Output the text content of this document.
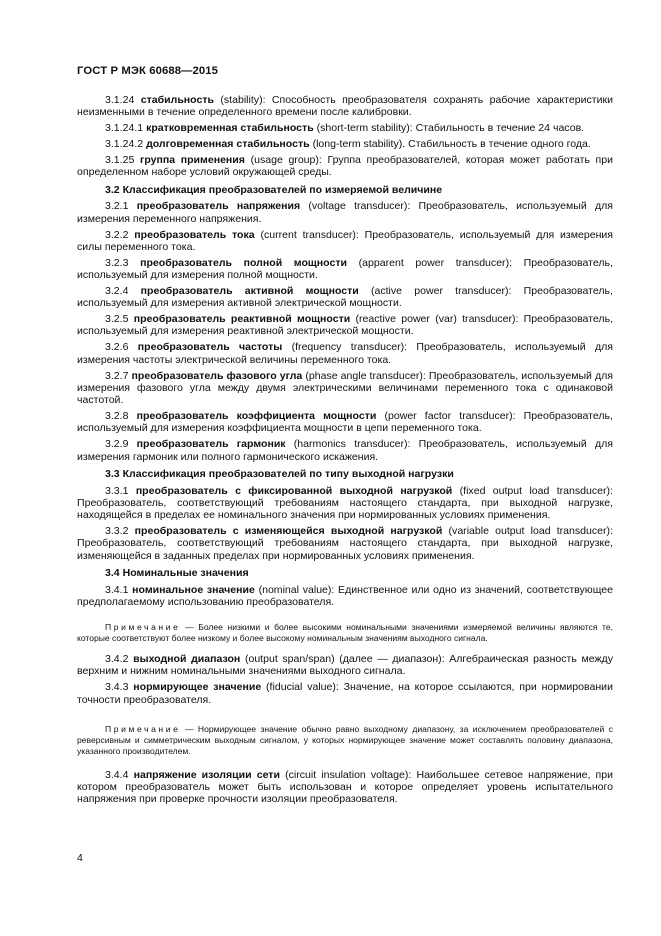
ГОСТ Р МЭК 60688—2015

3.1.24 стабильность (stability): Способность преобразователя сохранять рабочие характеристики неизменными в течение определенного времени после калибровки.

3.1.24.1 кратковременная стабильность (short-term stability): Стабильность в течение 24 часов.

3.1.24.2 долговременная стабильность (long-term stability). Стабильность в течение одного года.

3.1.25 группа применения (usage group): Группа преобразователей, которая может работать при определенном наборе условий окружающей среды.

3.2 Классификация преобразователей по измеряемой величине

3.2.1 преобразователь напряжения (voltage transducer): Преобразователь, используемый для измерения переменного напряжения.

3.2.2 преобразователь тока (current transducer): Преобразователь, используемый для измерения силы переменного тока.

3.2.3 преобразователь полной мощности (apparent power transducer): Преобразователь, используемый для измерения полной мощности.

3.2.4 преобразователь активной мощности (active power transducer): Преобразователь, используемый для измерения активной электрической мощности.

3.2.5 преобразователь реактивной мощности (reactive power (var) transducer): Преобразователь, используемый для измерения реактивной электрической мощности.

3.2.6 преобразователь частоты (frequency transducer): Преобразователь, используемый для измерения частоты электрической величины переменного тока.

3.2.7 преобразователь фазового угла (phase angle transducer): Преобразователь, используемый для измерения фазового угла между двумя электрическими величинами переменного тока с одинаковой частотой.

3.2.8 преобразователь коэффициента мощности (power factor transducer): Преобразователь, используемый для измерения коэффициента мощности в цепи переменного тока.

3.2.9 преобразователь гармоник (harmonics transducer): Преобразователь, используемый для измерения гармоник или полного гармонического искажения.

3.3 Классификация преобразователей по типу выходной нагрузки

3.3.1 преобразователь с фиксированной выходной нагрузкой (fixed output load transducer): Преобразователь, соответствующий требованиям настоящего стандарта, при выходной нагрузке, находящейся в пределах ее номинального значения при нормированных условиях применения.

3.3.2 преобразователь с изменяющейся выходной нагрузкой (variable output load transducer): Преобразователь, соответствующий требованиям настоящего стандарта, при выходной нагрузке, изменяющейся в заданных пределах при нормированных условиях применения.

3.4 Номинальные значения

3.4.1 номинальное значение (nominal value): Единственное или одно из значений, соответствующее предполагаемому использованию преобразователя.

Примечание — Более низкими и более высокими номинальными значениями измеряемой величины являются те, которые соответствуют более низкому и более высокому номинальным значениям выходного сигнала.

3.4.2 выходной диапазон (output span/span) (далее — диапазон): Алгебраическая разность между верхним и нижним номинальными значениями выходного сигнала.

3.4.3 нормирующее значение (fiducial value): Значение, на которое ссылаются, при нормировании точности преобразователя.

Примечание — Нормирующее значение обычно равно выходному диапазону, за исключением преобразователей с реверсивным и симметрическим выходным сигналом, у которых нормирующее значение может составлять половину диапазона, указанного производителем.

3.4.4 напряжение изоляции сети (circuit insulation voltage): Наибольшее сетевое напряжение, при котором преобразователь может быть использован и которое определяет уровень испытательного напряжения при проверке прочности изоляции преобразователя.

4
